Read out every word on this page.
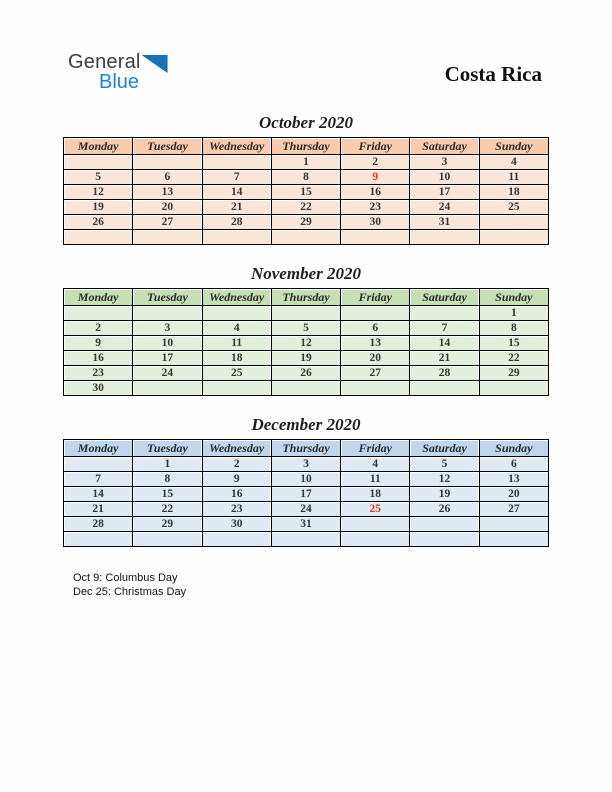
General
Blue	Costa Rica
October 2020
Monday	Tuesday	Wednesday	Thursday	Friday	Saturday	Sunday
			1	2	3	4
5	6	7	8	9	10	11
12	13	14	15	16	17	18
19	20	21	22	23	24	25
26	27	28	29	30	31	

November 2020
Monday	Tuesday	Wednesday	Thursday	Friday	Saturday	Sunday
						1
2	3	4	5	6	7	8
9	10	11	12	13	14	15
16	17	18	19	20	21	22
23	24	25	26	27	28	29
30						
December 2020
Monday	Tuesday	Wednesday	Thursday	Friday	Saturday	Sunday
	1	2	3	4	5	6
7	8	9	10	11	12	13
14	15	16	17	18	19	20
21	22	23	24	25	26	27
28	29	30	31			

Oct 9: Columbus Day
Dec 25: Christmas Day
